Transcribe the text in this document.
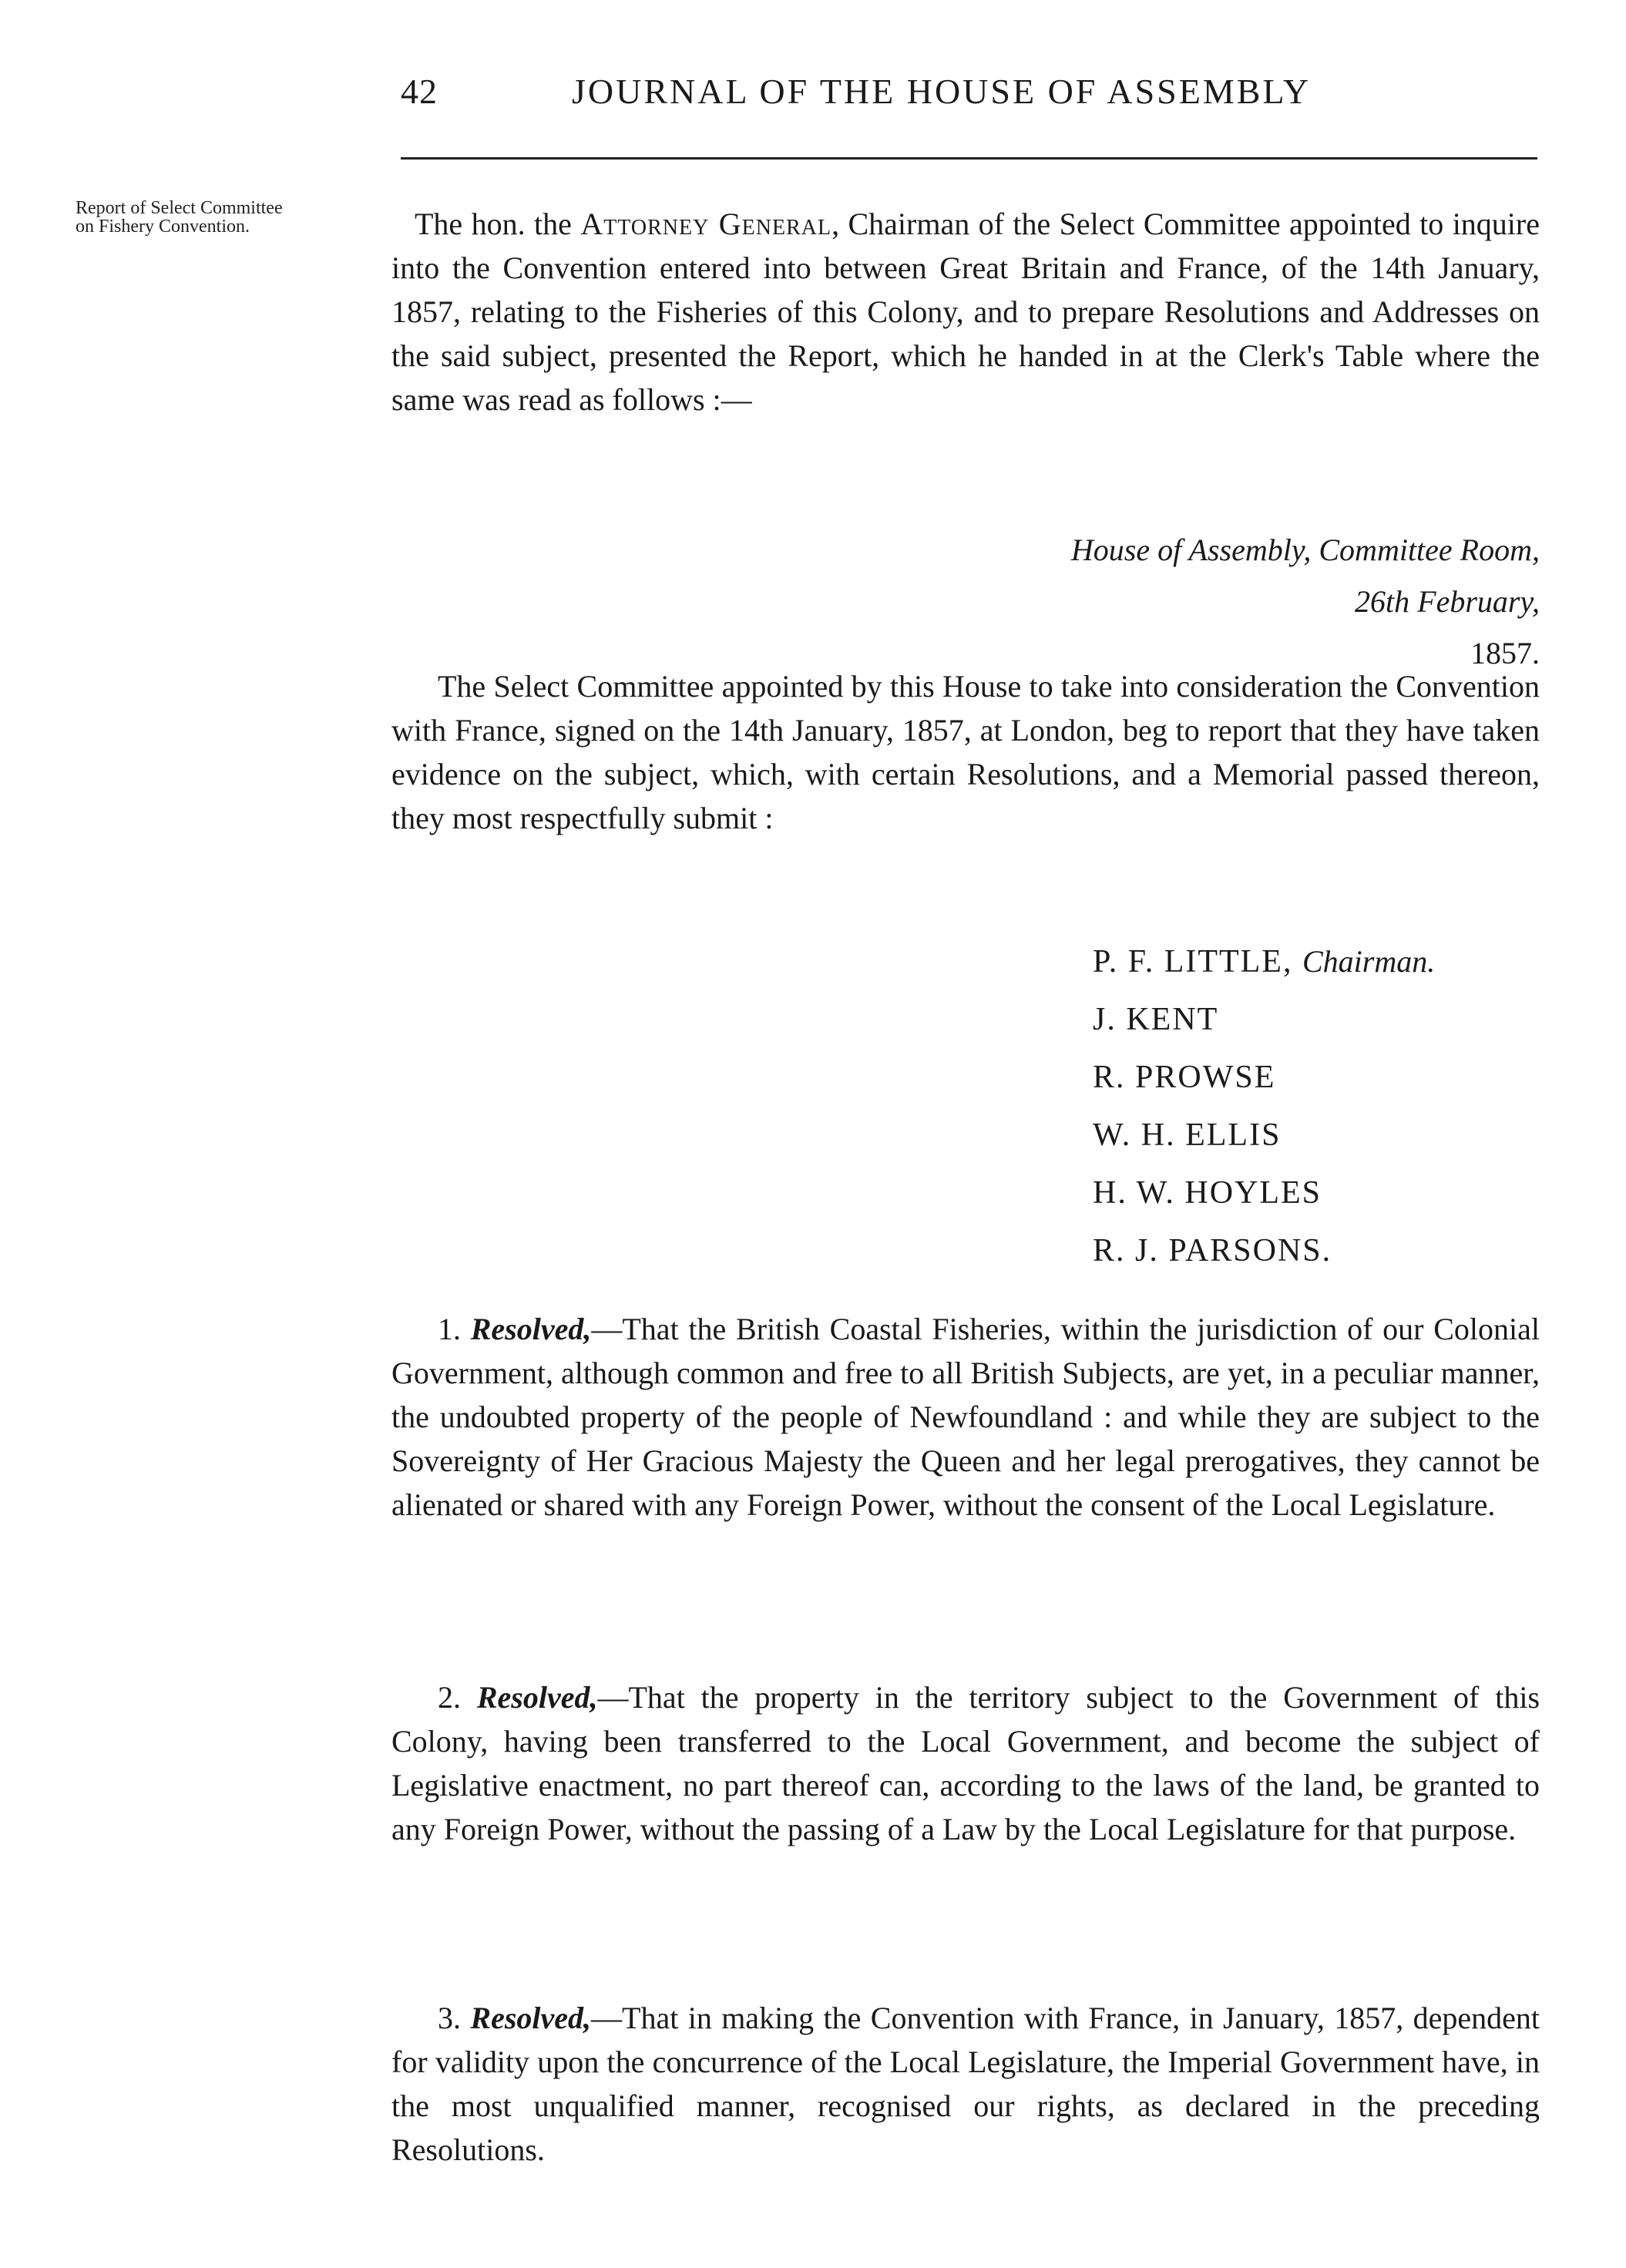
42	JOURNAL OF THE HOUSE OF ASSEMBLY
Report of Select Committee
on Fishery Convention.	The hon. the Attorney General, Chairman of the Select Committee appointed to inquire into the Convention entered into between Great Britain and France, of the 14th January, 1857, relating to the Fisheries of this Colony, and to prepare Resolutions and Addresses on the said subject, presented the Report, which he handed in at the Clerk's Table where the same was read as follows :—

House of Assembly, Committee Room,
26th February,
1857.

The Select Committee appointed by this House to take into consideration the Convention with France, signed on the 14th January, 1857, at London, beg to report that they have taken evidence on the subject, which, with certain Resolutions, and a Memorial passed thereon, they most respectfully submit :

P. F. LITTLE, Chairman.
J. KENT
R. PROWSE
W. H. ELLIS
H. W. HOYLES
R. J. PARSONS.

1. Resolved,—That the British Coastal Fisheries, within the jurisdiction of our Colonial Government, although common and free to all British Subjects, are yet, in a peculiar manner, the undoubted property of the people of Newfoundland : and while they are subject to the Sovereignty of Her Gracious Majesty the Queen and her legal prerogatives, they cannot be alienated or shared with any Foreign Power, without the consent of the Local Legislature.

2. Resolved,—That the property in the territory subject to the Government of this Colony, having been transferred to the Local Government, and become the subject of Legislative enactment, no part thereof can, according to the laws of the land, be granted to any Foreign Power, without the passing of a Law by the Local Legislature for that purpose.

3. Resolved,—That in making the Convention with France, in January, 1857, dependent for validity upon the concurrence of the Local Legislature, the Imperial Government have, in the most unqualified manner, recognised our rights, as declared in the preceding Resolutions.
